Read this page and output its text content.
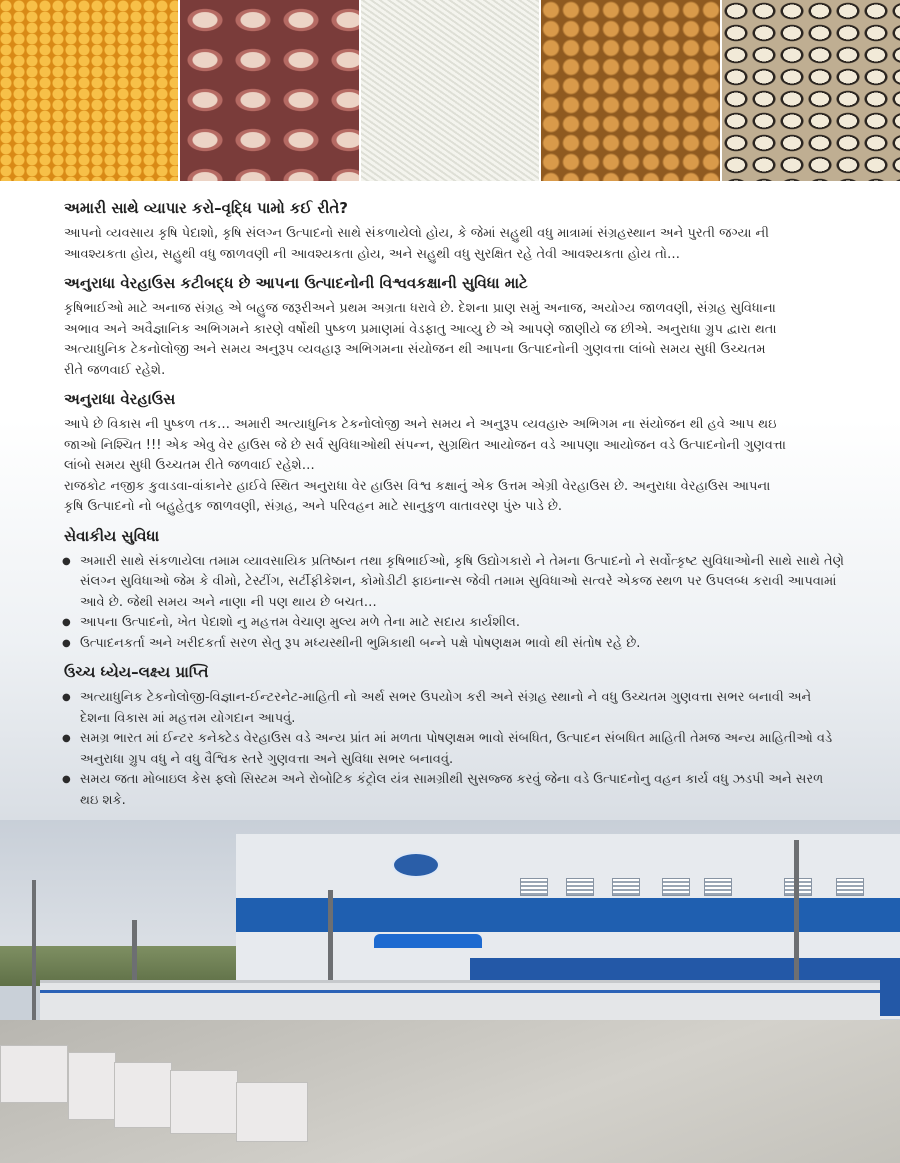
અમારી સાથે વ્યાપાર કરો–વૃદ્ધિ પામો કઈ રીતે?

આપનો વ્યવસાય કૃષિ પેદાશો, કૃષિ સંલગ્ન ઉત્પાદનો સાથે સંકળાયેલો હોય, કે જેમાં સહુથી વધુ માત્રામાં સંગ્રહસ્થાન અને પુરતી જગ્યા ની

આવશ્યકતા હોય, સહુથી વધુ જાળવણી ની આવશ્યકતા હોય, અને સહુથી વધુ સુરક્ષિત રહે તેવી આવશ્યકતા હોય તો…

અનુરાધા વેરહાઉસ કટીબદ્ધ છે આપના ઉત્પાદનોની વિશ્વવકક્ષાની સુવિધા માટે

કૃષિભાઈઓ માટે અનાજ સંગ્રહ એ બહુજ જરૂરીઅને પ્રથમ અગ્રતા ધરાવે છે. દેશના પ્રાણ સમું અનાજ, અયોગ્ય જાળવણી, સંગ્રહ સુવિધાના

અભાવ અને અવૈજ્ઞાનિક અભિગમને કારણે વર્ષોથી પુષ્કળ પ્રમાણમાં વેડફાતુ આવ્યુ છે એ આપણે જાણીયે જ છીએ. અનુરાધા ગ્રુપ દ્વારા થતા

અત્યાધુનિક ટેકનોલોજી અને સમય અનુરૂપ વ્યવહારૂ અભિગમના સંયોજન થી આપના ઉત્પાદનોની ગુણવત્તા લાંબો સમય સુધી ઉચ્ચતમ

રીતે જળવાઈ રહેશે.

અનુરાધા વેરહાઉસ

આપે છે વિકાસ ની પુષ્કળ તક… અમારી અત્યાધુનિક ટેકનોલોજી અને સમય ને અનુરૂપ વ્યવહારુ અભિગમ ના સંયોજન થી હવે આપ થઇ

જાઓ નિશ્ચિત !!! એક એવુ વેર હાઉસ જે છે સર્વ સુવિધાઓથી સંપન્ન, સુગ્રથિત આયોજન વડે આપણા આયોજન વડે ઉત્પાદનોની ગુણવત્તા

લાંબો સમય સુધી ઉચ્ચતમ રીતે જળવાઈ રહેશે…

રાજકોટ નજીક કુવાડવા-વાંકાનેર હાઈવે સ્થિત અનુરાધા વેર હાઉસ વિશ્વ કક્ષાનું એક ઉત્તમ એગ્રી વેરહાઉસ છે. અનુરાધા વેરહાઉસ આપના

કૃષિ ઉત્પાદનો નો બહુહેતુક જાળવણી, સંગ્રહ, અને પરિવહન માટે સાનુકુળ વાતાવરણ પુંરુ પાડે છે.

સેવાકીય સુવિધા
● અમારી સાથે સંકળાયેલા તમામ વ્યાવસાયિક પ્રતિષ્ઠાન તથા કૃષિભાઈઓ, કૃષિ ઉદ્યોગકારો ને તેમના ઉત્પાદનો ને સર્વોત્કૃષ્ટ સુવિધાઓની સાથે સાથે તેણે સંલગ્ન સુવિધાઓ જેમ કે વીમો, ટેસ્ટીંગ, સર્ટીફીકેશન, કોમોડીટી ફાઇનાન્સ જેવી તમામ સુવિધાઓ સત્વરે એકજ સ્થળ પર ઉપલબ્ધ કરાવી આપવામાં આવે છે. જેથી સમય અને નાણા ની પણ થાય છે બચત…
● આપના ઉત્પાદનો, ખેત પેદાશો નુ મહત્તમ વેચાણ મુલ્ય મળે તેના માટે સદાય કાર્યશીલ.
● ઉત્પાદનકર્તા અને ખરીદકર્તા સરળ સેતુ રૂપ મધ્યસ્થીની ભુમિકાથી બન્ને પક્ષે પોષણક્ષમ ભાવો થી સંતોષ રહે છે.
ઉચ્ચ ધ્યેય–લક્ષ્ય પ્રાપ્તિ
● અત્યાધુનિક ટેકનોલોજી-વિજ્ઞાન-ઈન્ટરનેટ-માહિતી નો અર્થ સભર ઉપયોગ કરી અને સંગ્રહ સ્થાનો ને વધુ ઉચ્ચતમ ગુણવત્તા સભર બનાવી અને દેશના વિકાસ માં મહત્તમ યોગદાન આપવું.
● સમગ્ર ભારત માં ઈન્ટર કનેક્ટેડ વેરહાઉસ વડે અન્ય પ્રાંત માં મળતા પોષણક્ષમ ભાવો સંબધિત, ઉત્પાદન સંબધિત માહિતી તેમજ અન્ય માહિતીઓ વડે અનુરાધા ગ્રુપ વધુ ને વધુ વૈશ્વિક સ્તરે ગુણવત્તા અને સુવિધા સભર બનાવવું.
● સમય જતા મોબાઇલ કેસ ફ્લો સિસ્ટમ અને રોબોટિક કંટ્રોલ યંત્ર સામગ્રીથી સુસજ્જ કરવું જેના વડે ઉત્પાદનોનુ વહન કાર્ય વધુ ઝડપી અને સરળ થઇ શકે.
